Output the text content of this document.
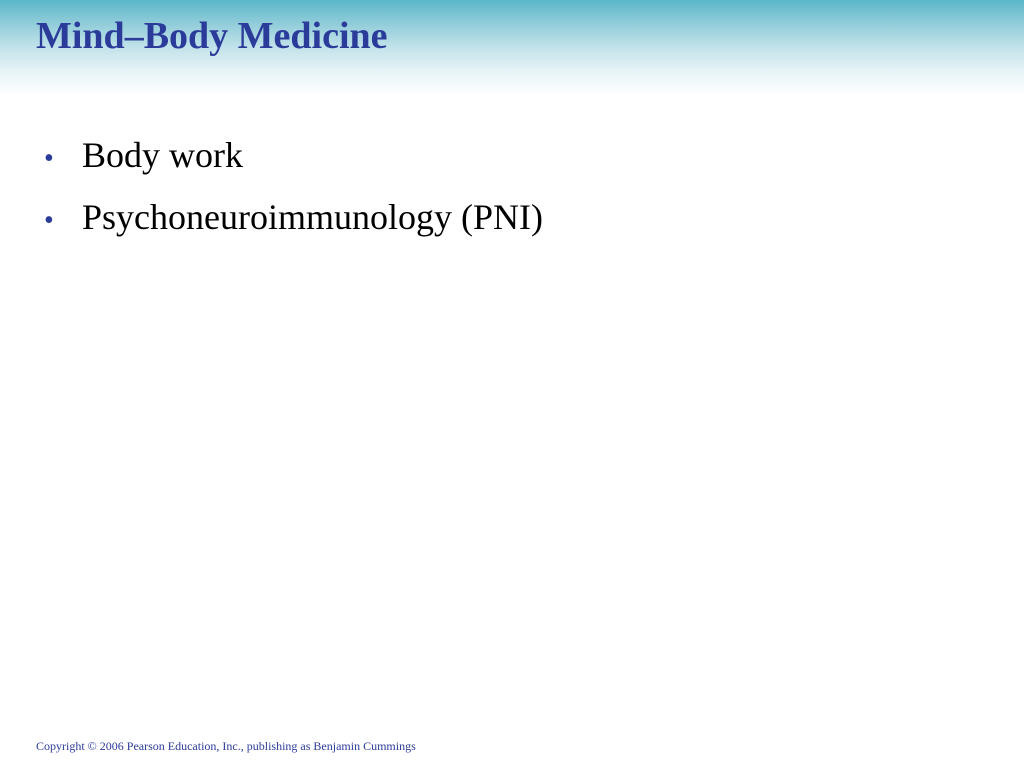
Mind–Body Medicine
• Body work
• Psychoneuroimmunology (PNI)

Copyright © 2006 Pearson Education, Inc., publishing as Benjamin Cummings
